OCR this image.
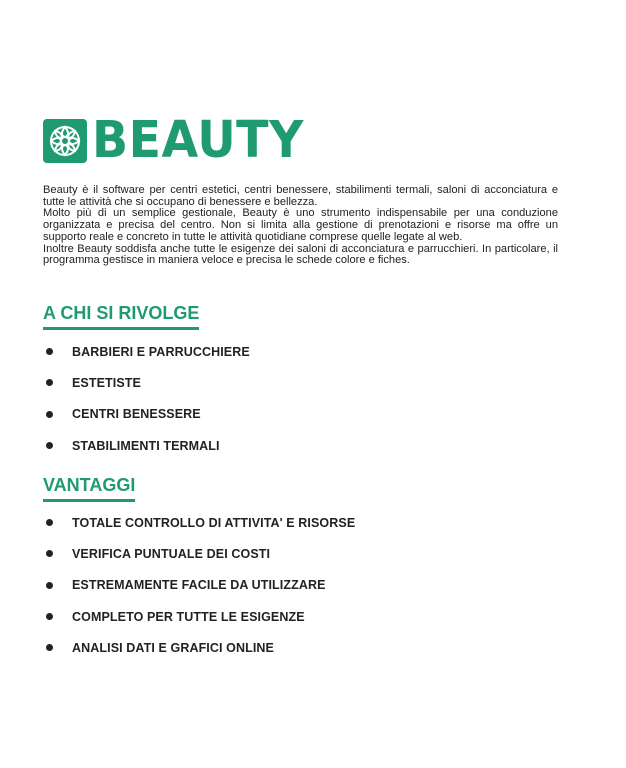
BEAUTY

Beauty è il software per centri estetici, centri benessere, stabilimenti termali, saloni di acconciatura e tutte le attività che si occupano di benessere e bellezza.

Molto più di un semplice gestionale, Beauty è uno strumento indispensabile per una conduzione organizzata e precisa del centro. Non si limita alla gestione di prenotazioni e risorse ma offre un supporto reale e concreto in tutte le attività quotidiane comprese quelle legate al web.

Inoltre Beauty soddisfa anche tutte le esigenze dei saloni di acconciatura e parrucchieri. In particolare, il programma gestisce in maniera veloce e precisa le schede colore e fiches.

A CHI SI RIVOLGE
BARBIERI E PARRUCCHIERE
ESTETISTE
CENTRI BENESSERE
STABILIMENTI TERMALI
VANTAGGI
TOTALE CONTROLLO DI ATTIVITA' E RISORSE
VERIFICA PUNTUALE DEI COSTI
ESTREMAMENTE FACILE DA UTILIZZARE
COMPLETO PER TUTTE LE ESIGENZE
ANALISI DATI E GRAFICI ONLINE
